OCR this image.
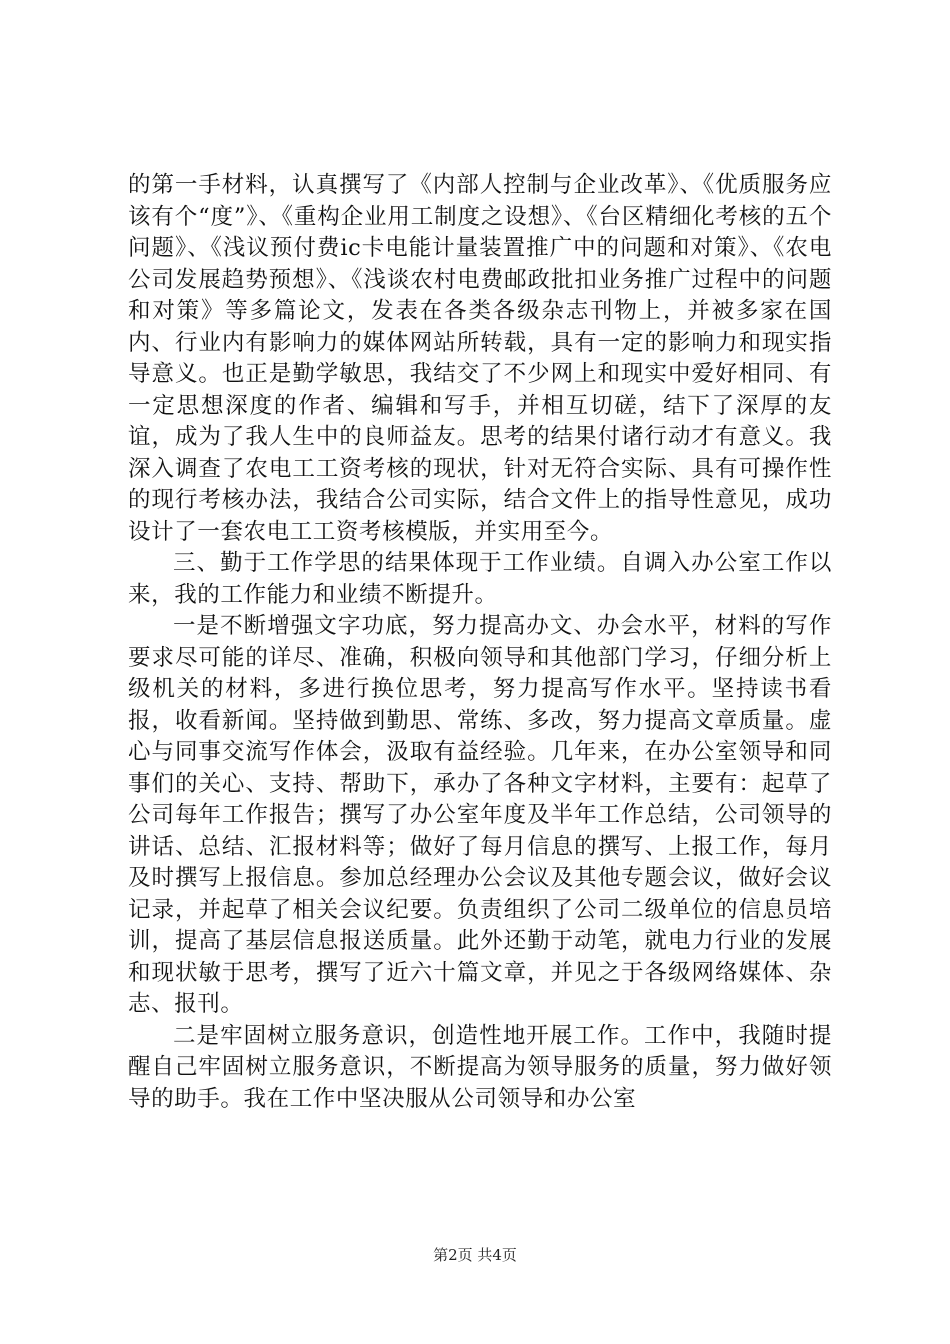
的第一手材料，认真撰写了《内部人控制与企业改革》、《优质服务应该有个“度”》、《重构企业用工制度之设想》、《台区精细化考核的五个问题》、《浅议预付费ic卡电能计量装置推广中的问题和对策》、《农电公司发展趋势预想》、《浅谈农村电费邮政批扣业务推广过程中的问题和对策》等多篇论文，发表在各类各级杂志刊物上，并被多家在国内、行业内有影响力的媒体网站所转载，具有一定的影响力和现实指导意义。也正是勤学敏思，我结交了不少网上和现实中爱好相同、有一定思想深度的作者、编辑和写手，并相互切磋，结下了深厚的友谊，成为了我人生中的良师益友。思考的结果付诸行动才有意义。我深入调查了农电工工资考核的现状，针对无符合实际、具有可操作性的现行考核办法，我结合公司实际，结合文件上的指导性意见，成功设计了一套农电工工资考核模版，并实用至今。

三、勤于工作学思的结果体现于工作业绩。自调入办公室工作以来，我的工作能力和业绩不断提升。

一是不断增强文字功底，努力提高办文、办会水平，材料的写作要求尽可能的详尽、准确，积极向领导和其他部门学习，仔细分析上级机关的材料，多进行换位思考，努力提高写作水平。坚持读书看报，收看新闻。坚持做到勤思、常练、多改，努力提高文章质量。虚心与同事交流写作体会，汲取有益经验。几年来，在办公室领导和同事们的关心、支持、帮助下，承办了各种文字材料，主要有：起草了公司每年工作报告；撰写了办公室年度及半年工作总结，公司领导的讲话、总结、汇报材料等；做好了每月信息的撰写、上报工作，每月及时撰写上报信息。参加总经理办公会议及其他专题会议，做好会议记录，并起草了相关会议纪要。负责组织了公司二级单位的信息员培训，提高了基层信息报送质量。此外还勤于动笔，就电力行业的发展和现状敏于思考，撰写了近六十篇文章，并见之于各级网络媒体、杂志、报刊。

二是牢固树立服务意识，创造性地开展工作。工作中，我随时提醒自己牢固树立服务意识，不断提高为领导服务的质量，努力做好领导的助手。我在工作中坚决服从公司领导和办公室

第2页 共4页
